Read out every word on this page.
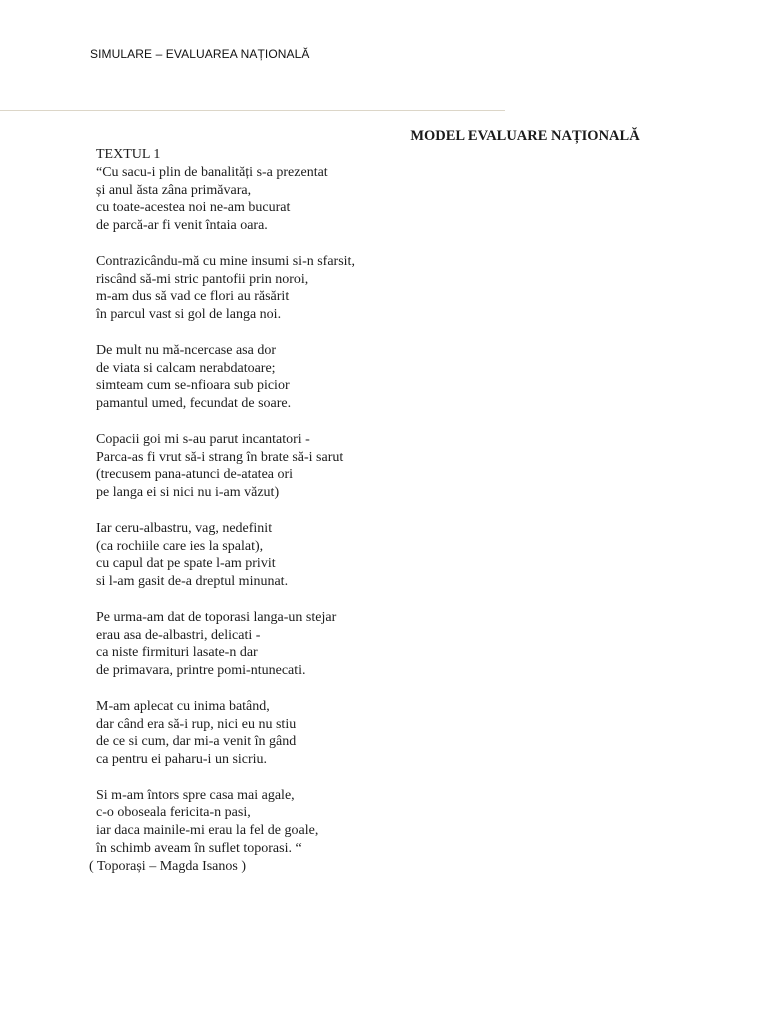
SIMULARE – EVALUAREA NAȚIONALĂ
MODEL EVALUARE NAȚIONALĂ
TEXTUL 1
“Cu sacu-i plin de banalități s-a prezentat
și anul ăsta zâna primăvara,
cu toate-acestea noi ne-am bucurat
de parcă-ar fi venit întaia oara.
Contrazicându-mă cu mine insumi si-n sfarsit,
riscând să-mi stric pantofii prin noroi,
m-am dus să vad ce flori au răsărit
în parcul vast si gol de langa noi.
De mult nu mă-ncercase asa dor
de viata si calcam nerabdatoare;
simteam cum se-nfioara sub picior
pamantul umed, fecundat de soare.
Copacii goi mi s-au parut incantatori -
Parca-as fi vrut să-i strang în brate să-i sarut
(trecusem pana-atunci de-atatea ori
pe langa ei si nici nu i-am văzut)
Iar ceru-albastru, vag, nedefinit
(ca rochiile care ies la spalat),
cu capul dat pe spate l-am privit
si l-am gasit de-a dreptul minunat.
Pe urma-am dat de toporasi langa-un stejar
erau asa de-albastri, delicati -
ca niste firmituri lasate-n dar
de primavara, printre pomi-ntunecati.
M-am aplecat cu inima batând,
dar când era să-i rup, nici eu nu stiu
de ce si cum, dar mi-a venit în gând
ca pentru ei paharu-i un sicriu.
Si m-am întors spre casa mai agale,
c-o oboseala fericita-n pasi,
iar daca mainile-mi erau la fel de goale,
în schimb aveam în suflet toporasi. “
( Toporași – Magda Isanos )
